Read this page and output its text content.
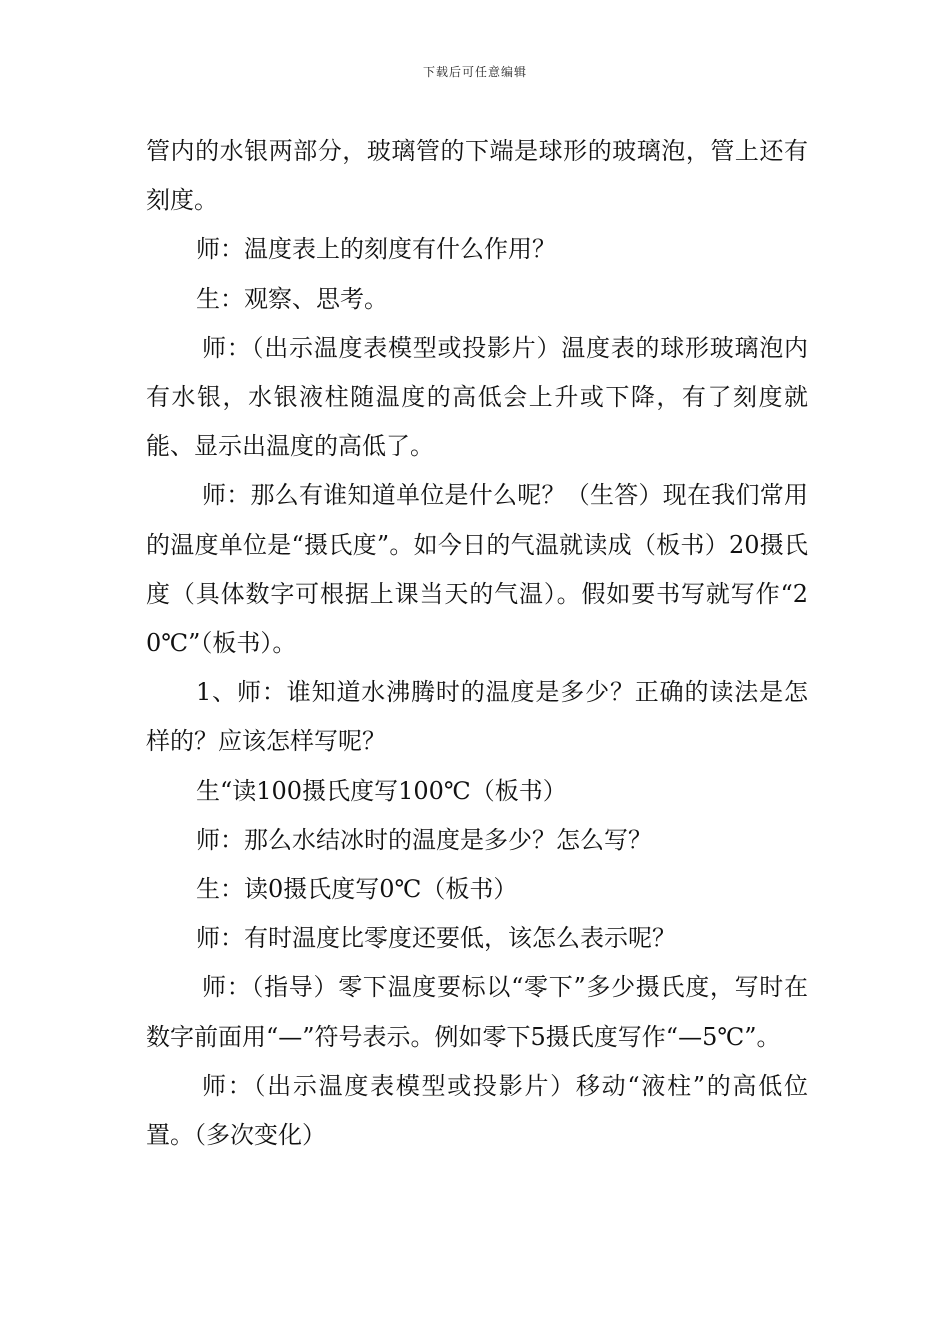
下载后可任意编辑

管内的水银两部分，玻璃管的下端是球形的玻璃泡，管上还有刻度。

师：温度表上的刻度有什么作用？

生：观察、思考。

师：（出示温度表模型或投影片）温度表的球形玻璃泡内有水银，水银液柱随温度的高低会上升或下降，有了刻度就能、显示出温度的高低了。

师：那么有谁知道单位是什么呢？（生答）现在我们常用的温度单位是“摄氏度”。如今日的气温就读成（板书）20摄氏度（具体数字可根据上课当天的气温）。假如要书写就写作“20℃”（板书）。

1、师：谁知道水沸腾时的温度是多少？正确的读法是怎样的？应该怎样写呢？

生“读100摄氏度写100℃（板书）

师：那么水结冰时的温度是多少？怎么写？

生：读0摄氏度写0℃（板书）

师：有时温度比零度还要低，该怎么表示呢？

师：（指导）零下温度要标以“零下”多少摄氏度，写时在数字前面用“—”符号表示。例如零下5摄氏度写作“—5℃”。

师：（出示温度表模型或投影片）移动“液柱”的高低位置。（多次变化）
